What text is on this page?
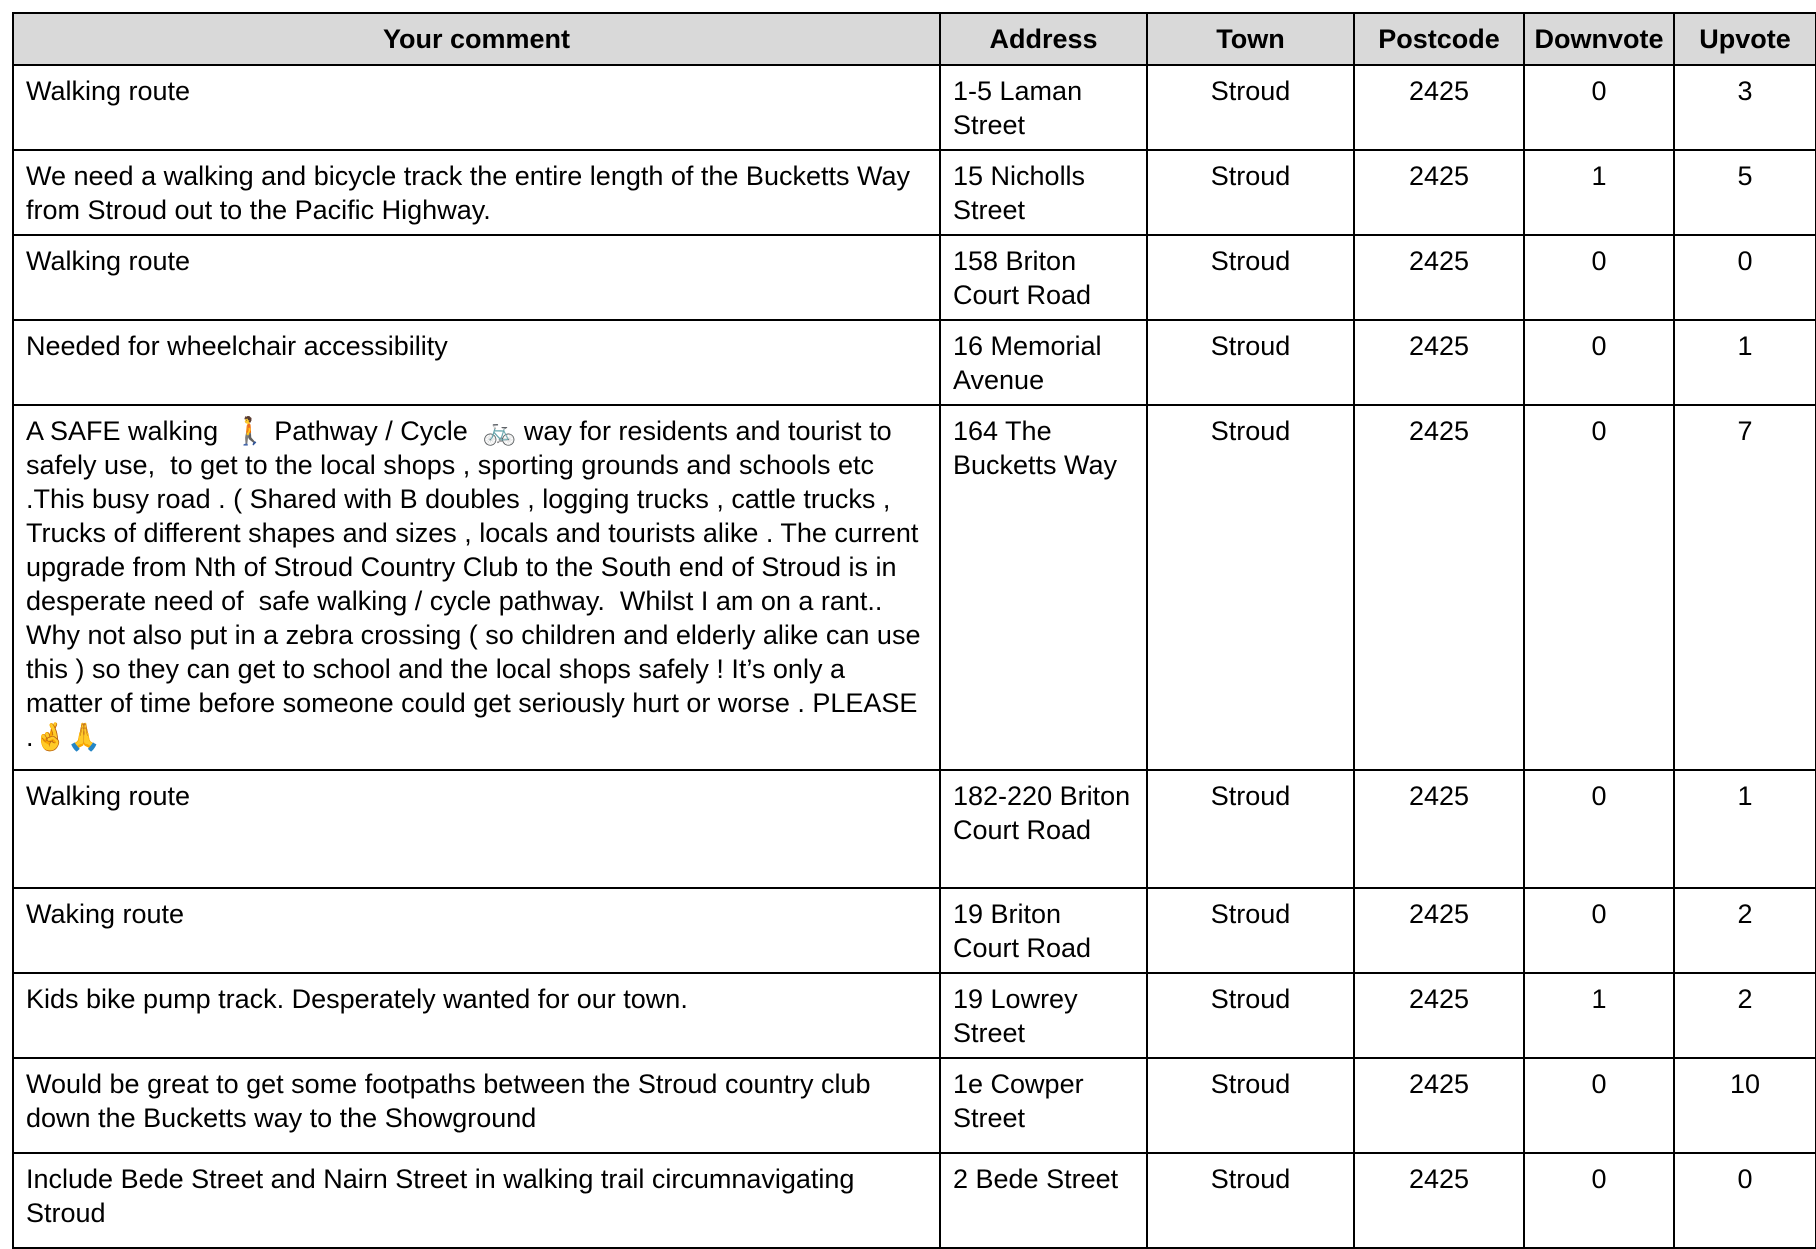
Your comment	Address	Town	Postcode	Downvote	Upvote
Walking route	1-5 Laman Street	Stroud	2425	0	3
We need a walking and bicycle track the entire length of the Bucketts Way from Stroud out to the Pacific Highway.	15 Nicholls Street	Stroud	2425	1	5
Walking route	158 Briton Court Road	Stroud	2425	0	0
Needed for wheelchair accessibility	16 Memorial Avenue	Stroud	2425	0	1
A SAFE walking  🚶 Pathway / Cycle  🚲 way for residents and tourist to safely use,  to get to the local shops , sporting grounds and schools etc .This busy road . ( Shared with B doubles , logging trucks , cattle trucks ,   Trucks of different shapes and sizes , locals and tourists alike . The current upgrade from Nth of Stroud Country Club to the South end of Stroud is in desperate need of  safe walking / cycle pathway.  Whilst I am on a rant..  Why not also put in a zebra crossing ( so children and elderly alike can use this ) so they can get to school and the local shops safely ! It’s only a matter of time before someone could get seriously hurt or worse . PLEASE .🤞🙏	164 The Bucketts Way	Stroud	2425	0	7
Walking route	182-220 Briton Court Road	Stroud	2425	0	1
Waking route	19 Briton Court Road	Stroud	2425	0	2
Kids bike pump track. Desperately wanted for our town.	19 Lowrey Street	Stroud	2425	1	2
Would be great to get some footpaths between the Stroud country club down the Bucketts way to the Showground	1e Cowper Street	Stroud	2425	0	10
Include Bede Street and Nairn Street in walking trail circumnavigating Stroud	2 Bede Street	Stroud	2425	0	0
